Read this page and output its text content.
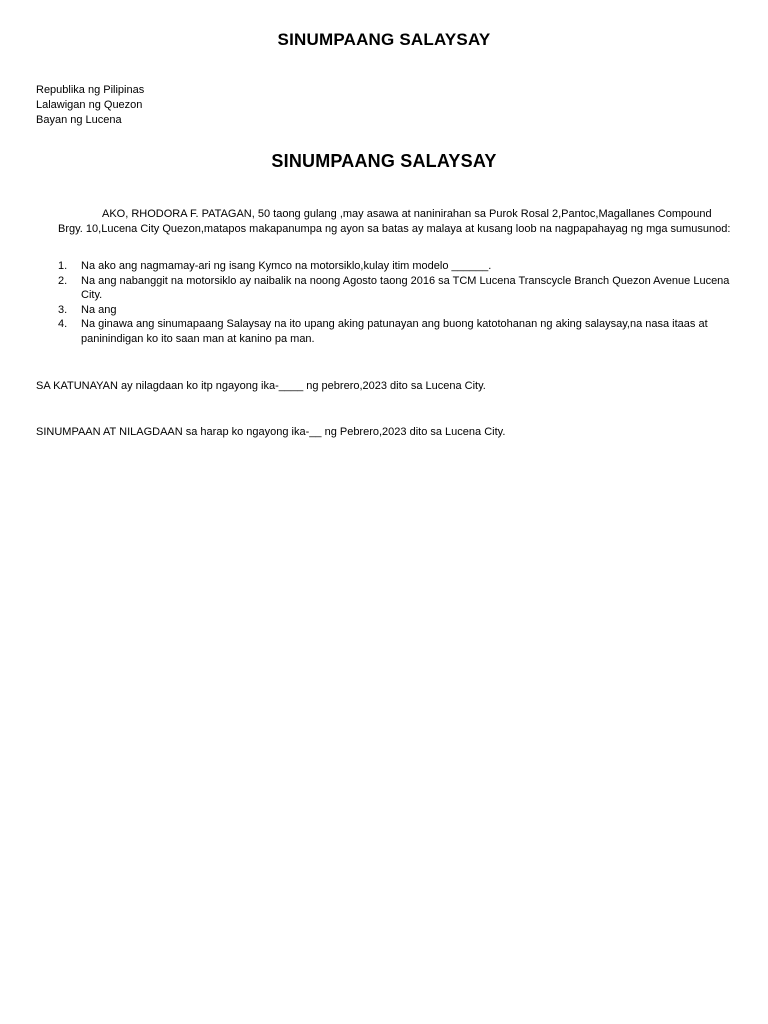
SINUMPAANG SALAYSAY
Republika ng Pilipinas
Lalawigan ng Quezon
Bayan ng Lucena
SINUMPAANG SALAYSAY
AKO, RHODORA F. PATAGAN, 50 taong gulang ,may asawa at naninirahan sa Purok Rosal 2,Pantoc,Magallanes Compound Brgy. 10,Lucena City Quezon,matapos makapanumpa ng ayon sa batas ay malaya at kusang loob na nagpapahayag ng mga sumusunod:
1. Na ako ang nagmamay-ari ng isang Kymco na motorsiklo,kulay itim modelo ______.
2. Na ang nabanggit na motorsiklo ay naibalik na noong Agosto taong 2016 sa TCM Lucena Transcycle Branch Quezon Avenue Lucena City.
3. Na ang
4. Na ginawa ang sinumapaang Salaysay na ito upang aking patunayan ang buong katotohanan ng aking salaysay,na nasa itaas at paninindigan ko ito saan man at kanino pa man.
SA KATUNAYAN ay nilagdaan ko itp ngayong ika-____ ng pebrero,2023 dito sa Lucena City.
SINUMPAAN AT NILAGDAAN sa harap ko ngayong ika-__ ng Pebrero,2023 dito sa Lucena City.
